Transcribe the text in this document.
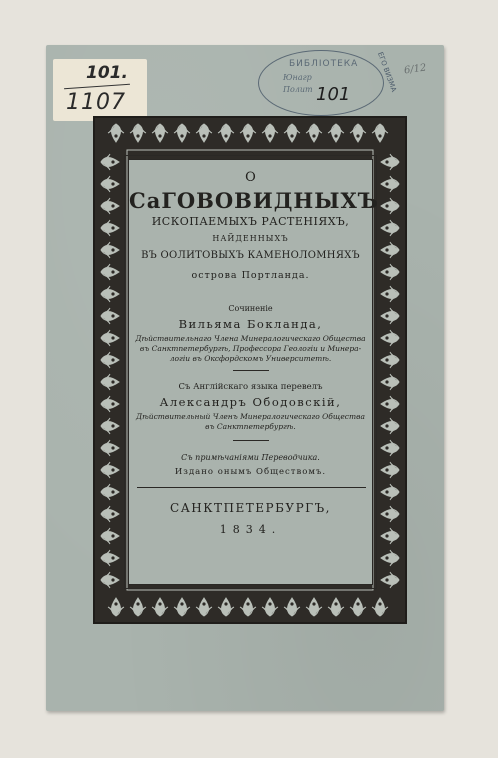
101.
1107
БИБЛІОТЕКА
Юнагр
Полит 101
ЕГО ВИЗМА 6/12
О
СаГОВОВИДНЫХЪ
ИСКОПАЕМЫХЪ РАСТЕНІЯХЪ,
НАЙДЕННЫХЪ
ВЪ ООЛИТОВЫХЪ КАМЕНОЛОМНЯХЪ
острова Портланда.
Сочиненіе
Вильяма Бокланда,
Дѣйствительнаго Члена Минералогическаго Общества
въ Санктпетербургѣ, Профессора Геологіи и Минера-
логіи въ Оксфордскомъ Университетѣ.
Съ Англійскаго языка перевелъ
Александръ Ободовскій,
Дѣйствительный Членъ Минералогическаго Общества
въ Санктпетербургѣ.
Съ примѣчаніями Переводчика.
Издано онымъ Обществомъ.
САНКТПЕТЕРБУРГЪ,
1834.
